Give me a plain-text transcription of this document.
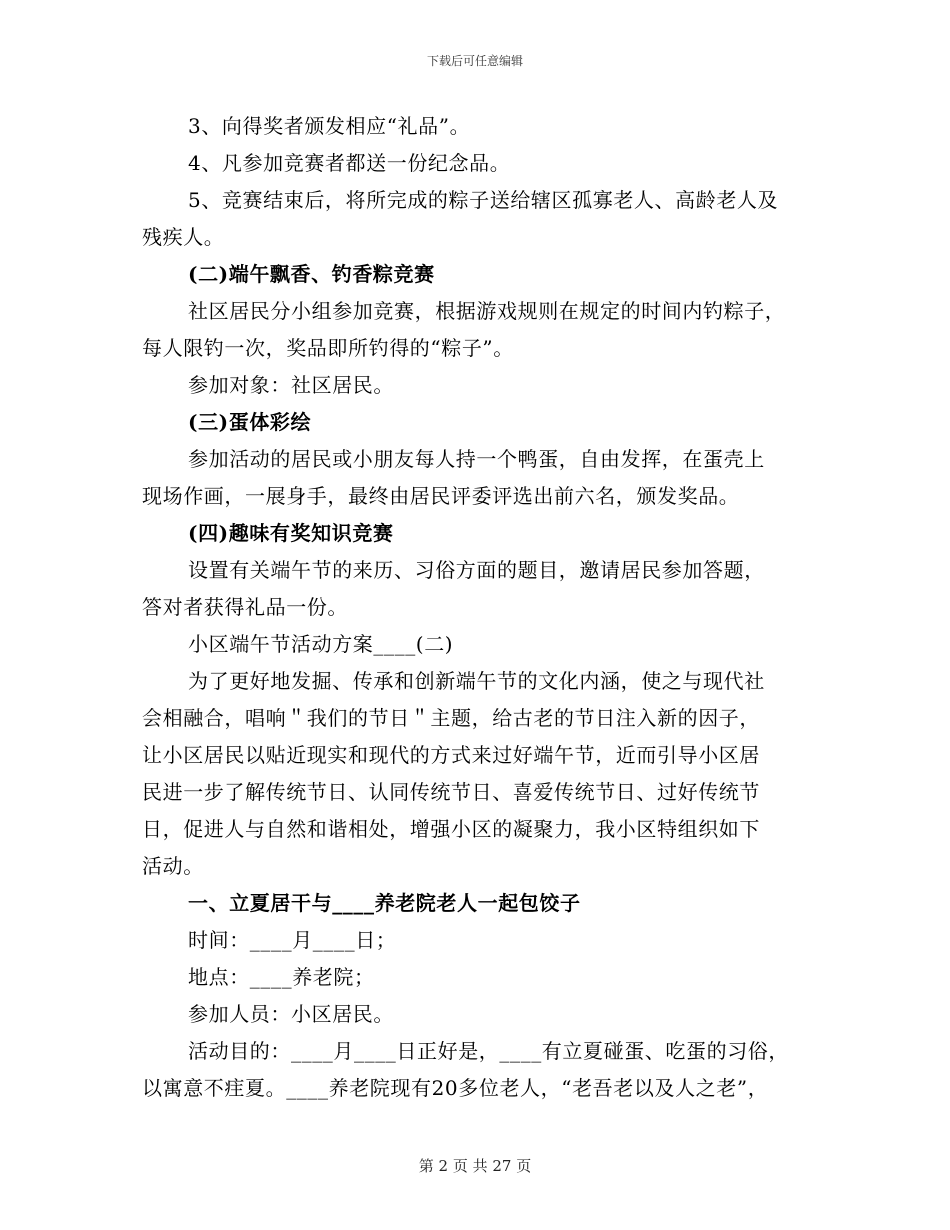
下载后可任意编辑
3、向得奖者颁发相应“礼品”。
4、凡参加竞赛者都送一份纪念品。
5、竞赛结束后，将所完成的粽子送给辖区孤寡老人、高龄老人及
残疾人。
(二)端午飘香、钓香粽竞赛
社区居民分小组参加竞赛，根据游戏规则在规定的时间内钓粽子，
每人限钓一次，奖品即所钓得的“粽子”。
参加对象：社区居民。
(三)蛋体彩绘
参加活动的居民或小朋友每人持一个鸭蛋，自由发挥，在蛋壳上
现场作画，一展身手，最终由居民评委评选出前六名，颁发奖品。
(四)趣味有奖知识竞赛
设置有关端午节的来历、习俗方面的题目，邀请居民参加答题，
答对者获得礼品一份。
小区端午节活动方案____(二)
为了更好地发掘、传承和创新端午节的文化内涵，使之与现代社
会相融合，唱响＂我们的节日＂主题，给古老的节日注入新的因子，
让小区居民以贴近现实和现代的方式来过好端午节，近而引导小区居
民进一步了解传统节日、认同传统节日、喜爱传统节日、过好传统节
日，促进人与自然和谐相处，增强小区的凝聚力，我小区特组织如下
活动。
一、立夏居干与____养老院老人一起包饺子
时间：____月____日；
地点：____养老院；
参加人员：小区居民。
活动目的：____月____日正好是，____有立夏碰蛋、吃蛋的习俗，
以寓意不疰夏。____养老院现有20多位老人，“老吾老以及人之老”，
第 2 页 共 27 页
